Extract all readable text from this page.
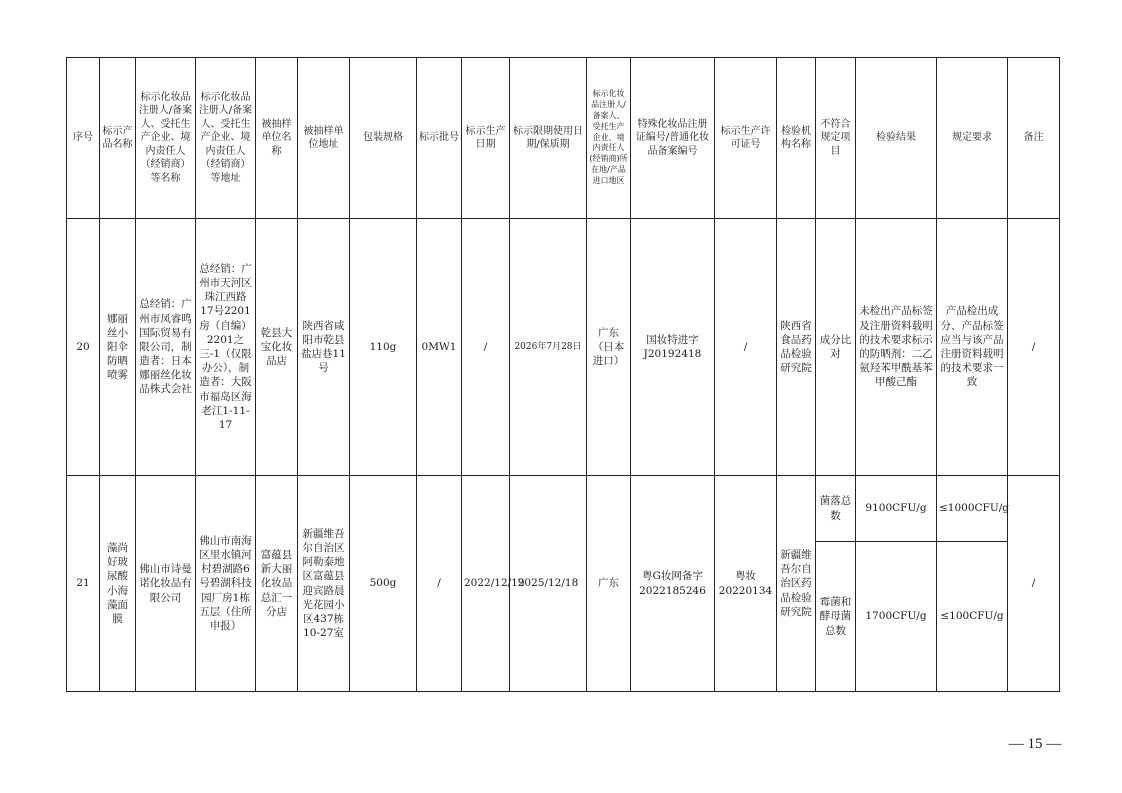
序号	标示产品名称	标示化妆品注册人/备案人、受托生产企业、境内责任人（经销商）等名称	标示化妆品注册人/备案人、受托生产企业、境内责任人（经销商）等地址	被抽样单位名称	被抽样单位地址	包装规格	标示批号	标示生产日期	标示限期使用日期/保质期	标示化妆品注册人/备案人、受托生产企业、境内责任人(经销商)所在地/产品进口地区	特殊化妆品注册证编号/普通化妆品备案编号	标示生产许可证号	检验机构名称	不符合规定项目	检验结果	规定要求	备注
20	娜丽丝小阳伞防晒喷雾	总经销：广州市凤睿鸣国际贸易有限公司，制造者：日本娜丽丝化妆品株式会社	总经销：广州市天河区珠江西路17号2201房（自编）2201之三-1（仅限办公），制造者：大阪市福岛区海老江1-11-17	乾县大宝化妆品店	陕西省咸阳市乾县盐店巷11号	110g	0MW1	/	2026年7月28日	广东（日本进口）	国妆特进字J20192418	/	陕西省食品药品检验研究院	成分比对	未检出产品标签及注册资料载明的技术要求标示的防晒剂：二乙氨羟苯甲酰基苯甲酸己酯	产品检出成分、产品标签应当与该产品注册资料载明的技术要求一致	/
21	藻尚好玻尿酸小海藻面膜	佛山市诗曼诺化妆品有限公司	佛山市南海区里水镇河村碧湖路6号碧湖科技园厂房1栋五层（住所申报）	富蕴县新大丽化妆品总汇一分店	新疆维吾尔自治区阿勒泰地区富蕴县迎宾路晨光花园小区437栋10-27室	500g	/	2022/12/19	2025/12/18	广东	粤G妆网备字2022185246	粤妆20220134	新疆维吾尔自治区药品检验研究院	菌落总数	9100CFU/g	≤1000CFU/g	/
														霉菌和酵母菌总数	1700CFU/g	≤100CFU/g	
— 15 —
